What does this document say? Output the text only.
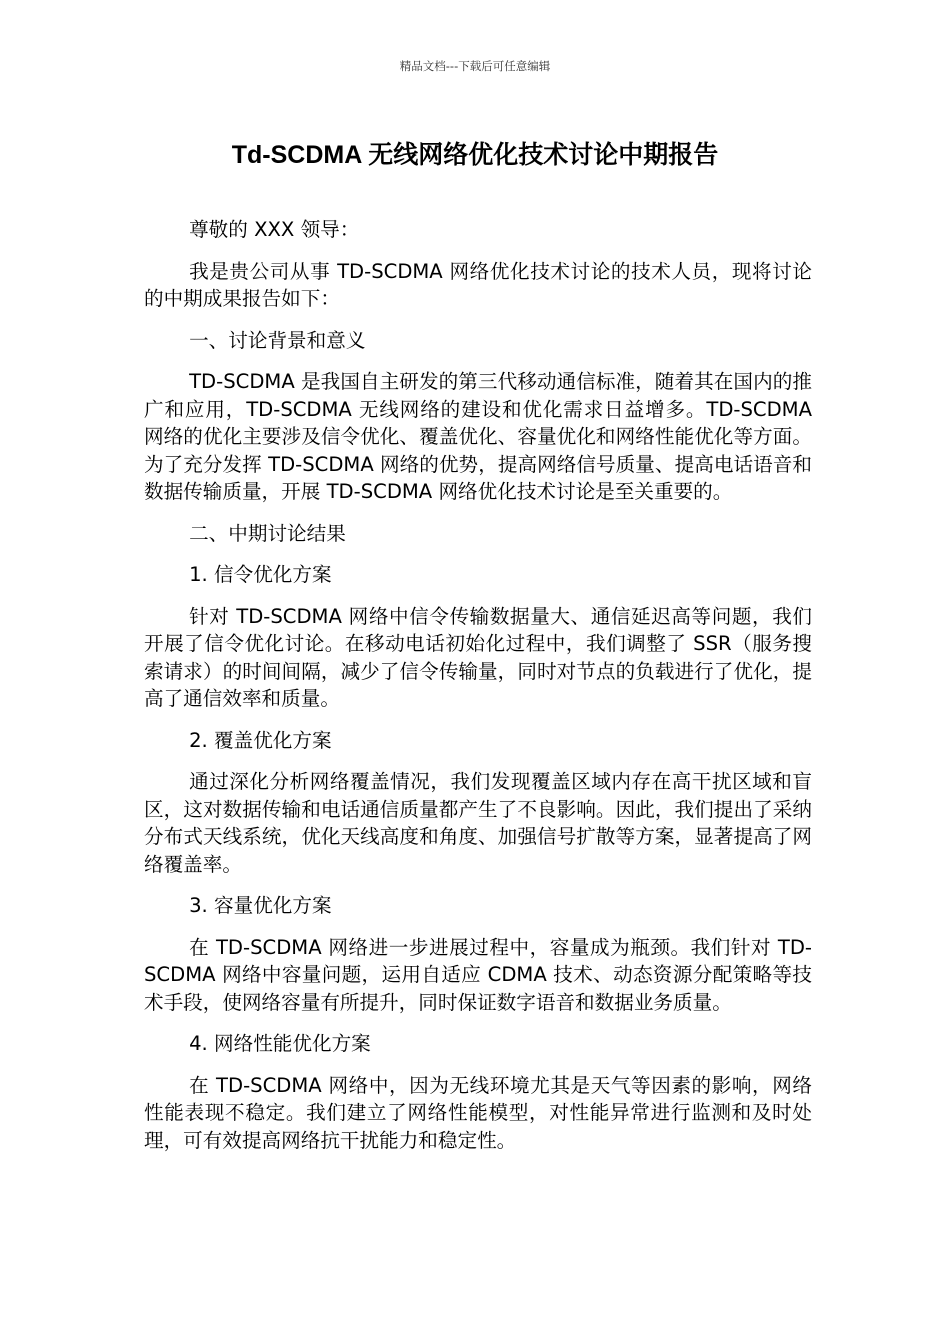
精品文档---下载后可任意编辑
Td-SCDMA 无线网络优化技术讨论中期报告

尊敬的 XXX 领导：

我是贵公司从事 TD-SCDMA 网络优化技术讨论的技术人员，现将讨论的中期成果报告如下：

一、讨论背景和意义

TD-SCDMA 是我国自主研发的第三代移动通信标准，随着其在国内的推广和应用，TD-SCDMA 无线网络的建设和优化需求日益增多。TD-SCDMA 网络的优化主要涉及信令优化、覆盖优化、容量优化和网络性能优化等方面。为了充分发挥 TD-SCDMA 网络的优势，提高网络信号质量、提高电话语音和数据传输质量，开展 TD-SCDMA 网络优化技术讨论是至关重要的。

二、中期讨论结果

1. 信令优化方案

针对 TD-SCDMA 网络中信令传输数据量大、通信延迟高等问题，我们开展了信令优化讨论。在移动电话初始化过程中，我们调整了 SSR（服务搜索请求）的时间间隔，减少了信令传输量，同时对节点的负载进行了优化，提高了通信效率和质量。

2. 覆盖优化方案

通过深化分析网络覆盖情况，我们发现覆盖区域内存在高干扰区域和盲区，这对数据传输和电话通信质量都产生了不良影响。因此，我们提出了采纳分布式天线系统，优化天线高度和角度、加强信号扩散等方案，显著提高了网络覆盖率。

3. 容量优化方案

在 TD-SCDMA 网络进一步进展过程中，容量成为瓶颈。我们针对 TD-SCDMA 网络中容量问题，运用自适应 CDMA 技术、动态资源分配策略等技术手段，使网络容量有所提升，同时保证数字语音和数据业务质量。

4. 网络性能优化方案

在 TD-SCDMA 网络中，因为无线环境尤其是天气等因素的影响，网络性能表现不稳定。我们建立了网络性能模型，对性能异常进行监测和及时处理，可有效提高网络抗干扰能力和稳定性。
